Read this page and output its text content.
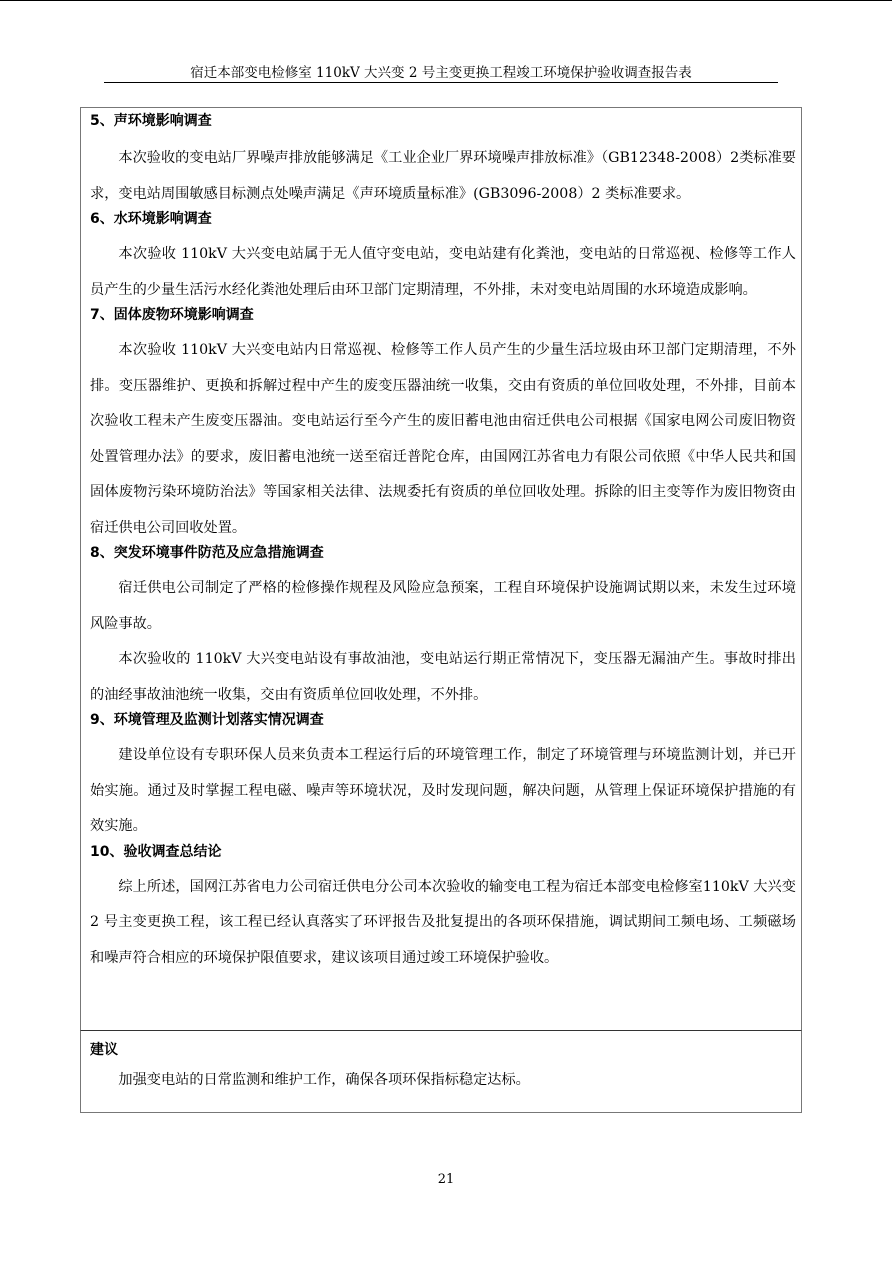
宿迁本部变电检修室 110kV 大兴变 2 号主变更换工程竣工环境保护验收调查报告表
5、声环境影响调查
本次验收的变电站厂界噪声排放能够满足《工业企业厂界环境噪声排放标准》（GB12348-2008）2类标准要求，变电站周围敏感目标测点处噪声满足《声环境质量标准》(GB3096-2008）2 类标准要求。
6、水环境影响调查
本次验收 110kV 大兴变电站属于无人值守变电站，变电站建有化粪池，变电站的日常巡视、检修等工作人员产生的少量生活污水经化粪池处理后由环卫部门定期清理，不外排，未对变电站周围的水环境造成影响。
7、固体废物环境影响调查
本次验收 110kV 大兴变电站内日常巡视、检修等工作人员产生的少量生活垃圾由环卫部门定期清理，不外排。变压器维护、更换和拆解过程中产生的废变压器油统一收集，交由有资质的单位回收处理，不外排，目前本次验收工程未产生废变压器油。变电站运行至今产生的废旧蓄电池由宿迁供电公司根据《国家电网公司废旧物资处置管理办法》的要求，废旧蓄电池统一送至宿迁普陀仓库，由国网江苏省电力有限公司依照《中华人民共和国固体废物污染环境防治法》等国家相关法律、法规委托有资质的单位回收处理。拆除的旧主变等作为废旧物资由宿迁供电公司回收处置。
8、突发环境事件防范及应急措施调查
宿迁供电公司制定了严格的检修操作规程及风险应急预案，工程自环境保护设施调试期以来，未发生过环境风险事故。
本次验收的 110kV 大兴变电站设有事故油池，变电站运行期正常情况下，变压器无漏油产生。事故时排出的油经事故油池统一收集，交由有资质单位回收处理，不外排。
9、环境管理及监测计划落实情况调查
建设单位设有专职环保人员来负责本工程运行后的环境管理工作，制定了环境管理与环境监测计划，并已开始实施。通过及时掌握工程电磁、噪声等环境状况，及时发现问题，解决问题，从管理上保证环境保护措施的有效实施。
10、验收调查总结论
综上所述，国网江苏省电力公司宿迁供电分公司本次验收的输变电工程为宿迁本部变电检修室110kV 大兴变 2 号主变更换工程，该工程已经认真落实了环评报告及批复提出的各项环保措施，调试期间工频电场、工频磁场和噪声符合相应的环境保护限值要求，建议该项目通过竣工环境保护验收。
建议
加强变电站的日常监测和维护工作，确保各项环保指标稳定达标。
21
